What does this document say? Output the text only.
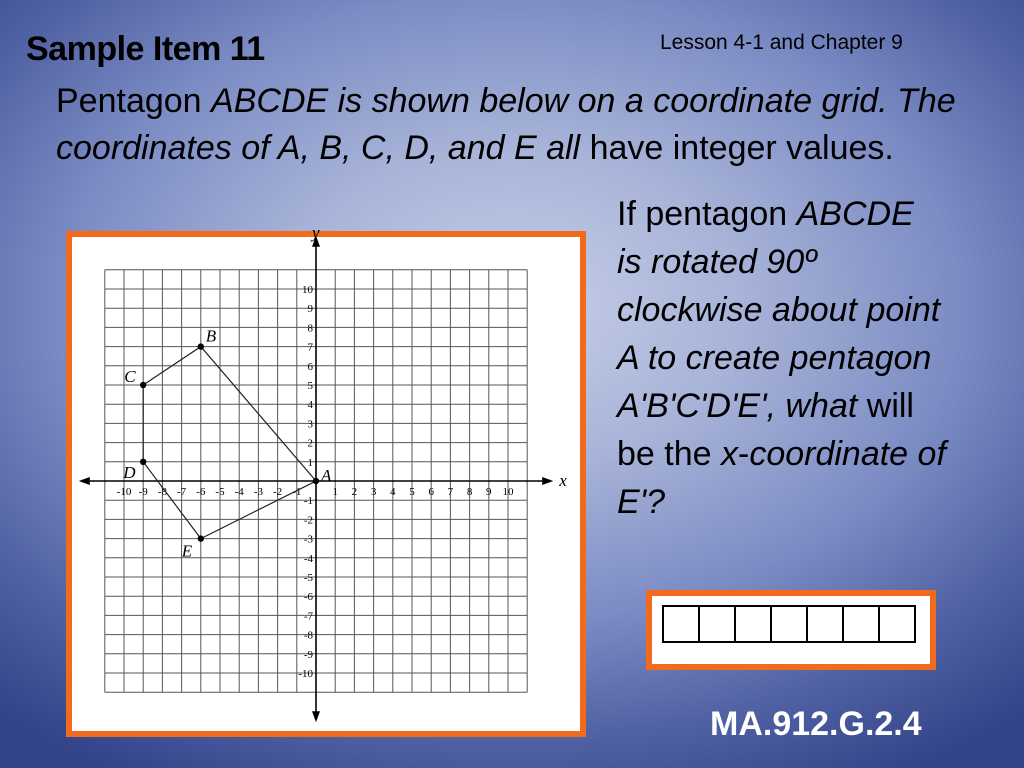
Sample Item 11	Lesson 4-1 and Chapter 9

Pentagon ABCDE is shown below on a coordinate grid. The coordinates of A, B, C, D, and E all have integer values.

If pentagon ABCDE is rotated 90º clockwise about point A to create pentagon A'B'C'D'E', what will be the x-coordinate of E'?

x
y
-10 -9 -8 -7 -6 -5 -4 -3 -2 -1	1 2 3 4 5 6 7 8 9 10
-10
-9
-8
-7
-6
-5
-4
-3
-2
-1
1
2
3
4
5
6
7
8
9
10
A
B
C
D
E
MA.912.G.2.4
